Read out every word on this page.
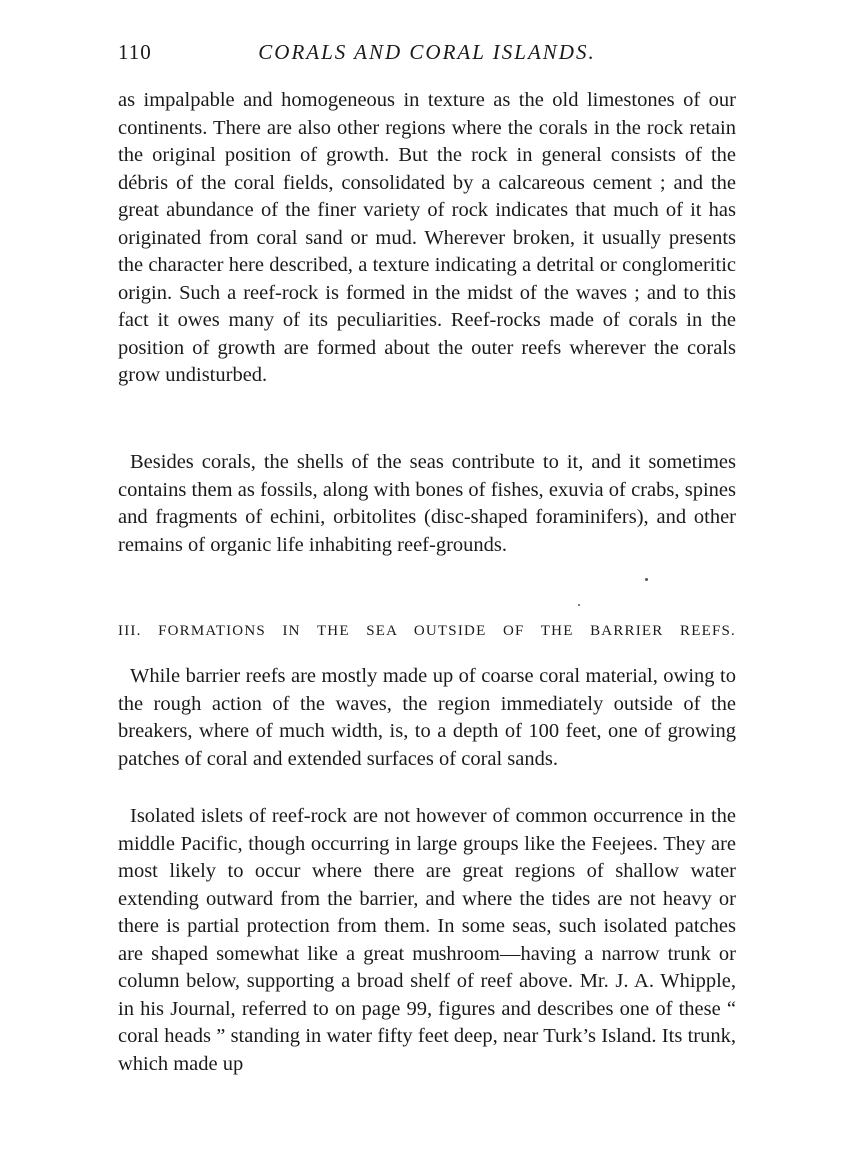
110	CORALS AND CORAL ISLANDS.

as impalpable and homogeneous in texture as the old limestones of our continents. There are also other regions where the corals in the rock retain the original position of growth. But the rock in general consists of the débris of the coral fields, consolidated by a calcareous cement ; and the great abundance of the finer variety of rock indicates that much of it has originated from coral sand or mud. Wherever broken, it usually presents the character here described, a texture indicating a detrital or conglomeritic origin. Such a reef-rock is formed in the midst of the waves ; and to this fact it owes many of its peculiarities. Reef-rocks made of corals in the position of growth are formed about the outer reefs wherever the corals grow undisturbed.

Besides corals, the shells of the seas contribute to it, and it sometimes contains them as fossils, along with bones of fishes, exuvia of crabs, spines and fragments of echini, orbitolites (disc-shaped foraminifers), and other remains of organic life inhabiting reef-grounds.

III. FORMATIONS IN THE SEA OUTSIDE OF THE BARRIER REEFS.

While barrier reefs are mostly made up of coarse coral material, owing to the rough action of the waves, the region immediately outside of the breakers, where of much width, is, to a depth of 100 feet, one of growing patches of coral and extended surfaces of coral sands.

Isolated islets of reef-rock are not however of common occurrence in the middle Pacific, though occurring in large groups like the Feejees. They are most likely to occur where there are great regions of shallow water extending outward from the barrier, and where the tides are not heavy or there is partial protection from them. In some seas, such isolated patches are shaped somewhat like a great mushroom—having a narrow trunk or column below, supporting a broad shelf of reef above. Mr. J. A. Whipple, in his Journal, referred to on page 99, figures and describes one of these “ coral heads ” standing in water fifty feet deep, near Turk’s Island. Its trunk, which made up
